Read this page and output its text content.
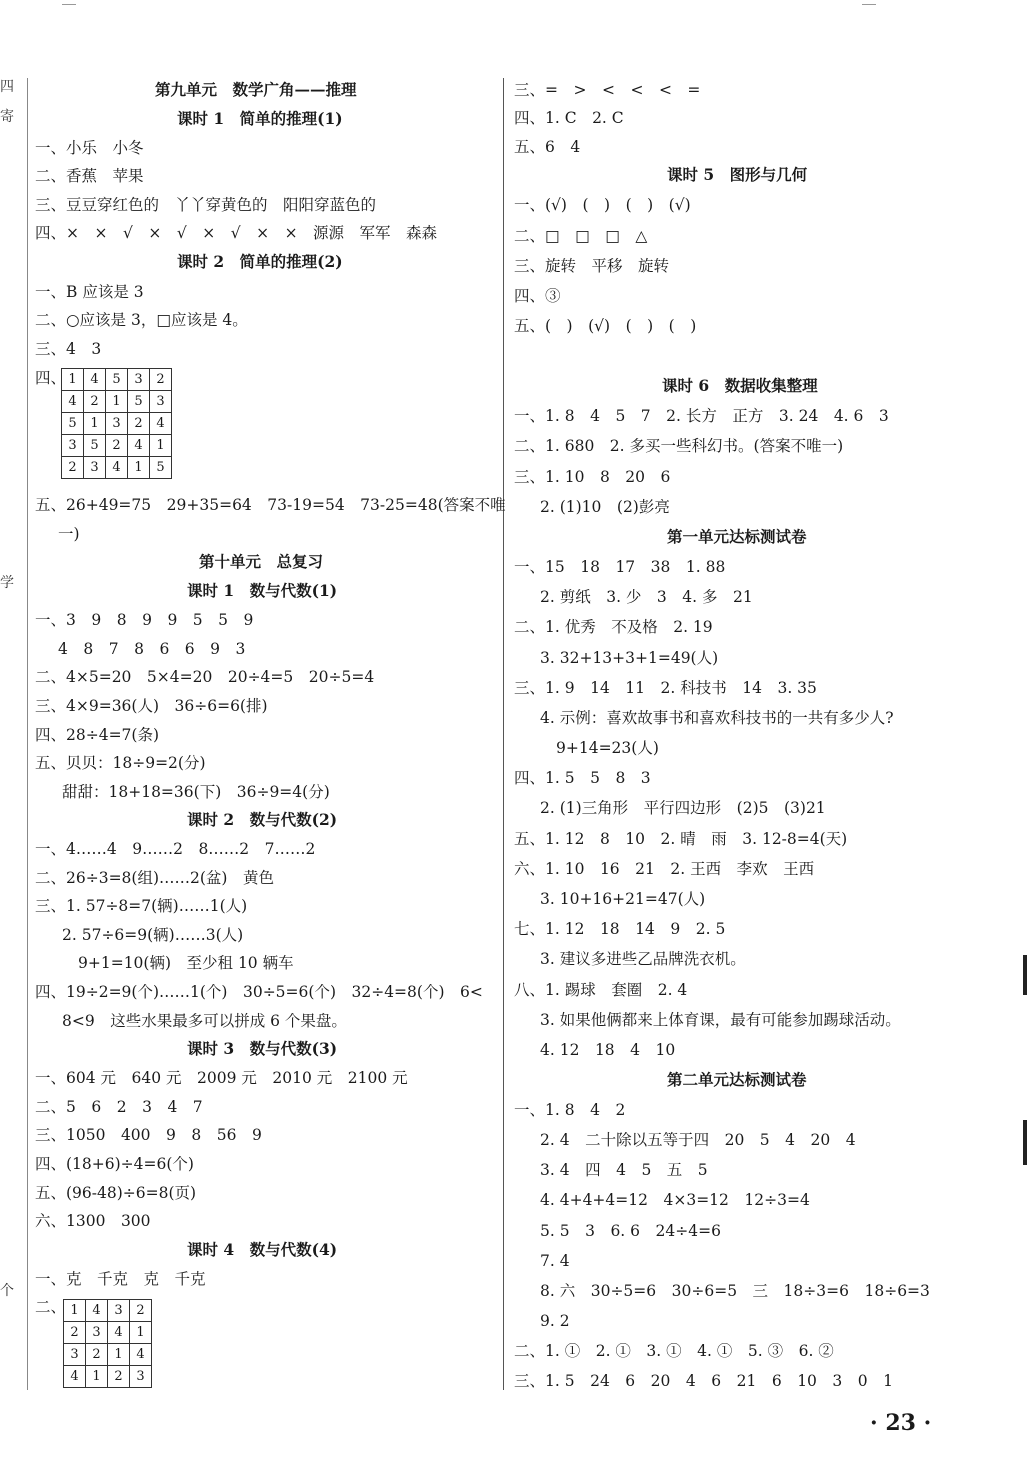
四
寄
学
个
第九单元　数学广角——推理
课时 1　简单的推理(1)
一、小乐　小冬
二、香蕉　苹果
三、豆豆穿红色的　丫丫穿黄色的　阳阳穿蓝色的
四、×　×　√　×　√　×　√　×　×　源源　军军　森森
课时 2　简单的推理(2)
一、B 应该是 3
二、○应该是 3，□应该是 4。
三、4　3
四、
五、26+49=75　29+35=64　73-19=54　73-25=48(答案不唯
一)
第十单元　总复习
课时 1　数与代数(1)
一、3　9　8　9　9　5　5　9
4　8　7　8　6　6　9　3
二、4×5=20　5×4=20　20÷4=5　20÷5=4
三、4×9=36(人)　36÷6=6(排)
四、28÷4=7(条)
五、贝贝：18÷9=2(分)
甜甜：18+18=36(下)　36÷9=4(分)
课时 2　数与代数(2)
一、4……4　9……2　8……2　7……2
二、26÷3=8(组)……2(盆)　黄色
三、1. 57÷8=7(辆)……1(人)
2. 57÷6=9(辆)……3(人)
9+1=10(辆)　至少租 10 辆车
四、19÷2=9(个)……1(个)　30÷5=6(个)　32÷4=8(个)　6<
8<9　这些水果最多可以拼成 6 个果盘。
课时 3　数与代数(3)
一、604 元　640 元　2009 元　2010 元　2100 元
二、5　6　2　3　4　7
三、1050　400　9　8　56　9
四、(18+6)÷4=6(个)
五、(96-48)÷6=8(页)
六、1300　300
课时 4　数与代数(4)
一、克　千克　克　千克
二、
三、=　>　<　<　<　=
四、1. C　2. C
五、6　4
课时 5　图形与几何
一、(√)　(　)　(　)　(√)
二、□　□　□　△
三、旋转　平移　旋转
四、③
五、(　)　(√)　(　)　(　)
课时 6　数据收集整理
一、1. 8　4　5　7　2. 长方　正方　3. 24　4. 6　3
二、1. 680　2. 多买一些科幻书。(答案不唯一)
三、1. 10　8　20　6
2. (1)10　(2)彭亮
第一单元达标测试卷
一、15　18　17　38　1. 88
2. 剪纸　3. 少　3　4. 多　21
二、1. 优秀　不及格　2. 19
3. 32+13+3+1=49(人)
三、1. 9　14　11　2. 科技书　14　3. 35
4. 示例：喜欢故事书和喜欢科技书的一共有多少人?
9+14=23(人)
四、1. 5　5　8　3
2. (1)三角形　平行四边形　(2)5　(3)21
五、1. 12　8　10　2. 晴　雨　3. 12-8=4(天)
六、1. 10　16　21　2. 王西　李欢　王西
3. 10+16+21=47(人)
七、1. 12　18　14　9　2. 5
3. 建议多进些乙品牌洗衣机。
八、1. 踢球　套圈　2. 4
3. 如果他俩都来上体育课，最有可能参加踢球活动。
4. 12　18　4　10
第二单元达标测试卷
一、1. 8　4　2
2. 4　二十除以五等于四　20　5　4　20　4
3. 4　四　4　5　五　5
4. 4+4+4=12　4×3=12　12÷3=4
5. 5　3　6. 6　24÷4=6
7. 4
8. 六　30÷5=6　30÷6=5　三　18÷3=6　18÷6=3
9. 2
二、1. ①　2. ①　3. ①　4. ①　5. ③　6. ②
三、1. 5　24　6　20　4　6　21　6　10　3　0　1
1	4	5	3	2
4	2	1	5	3
5	1	3	2	4
3	5	2	4	1
2	3	4	1	5
1	4	3	2
2	3	4	1
3	2	1	4
4	1	2	3
· 23 ·
